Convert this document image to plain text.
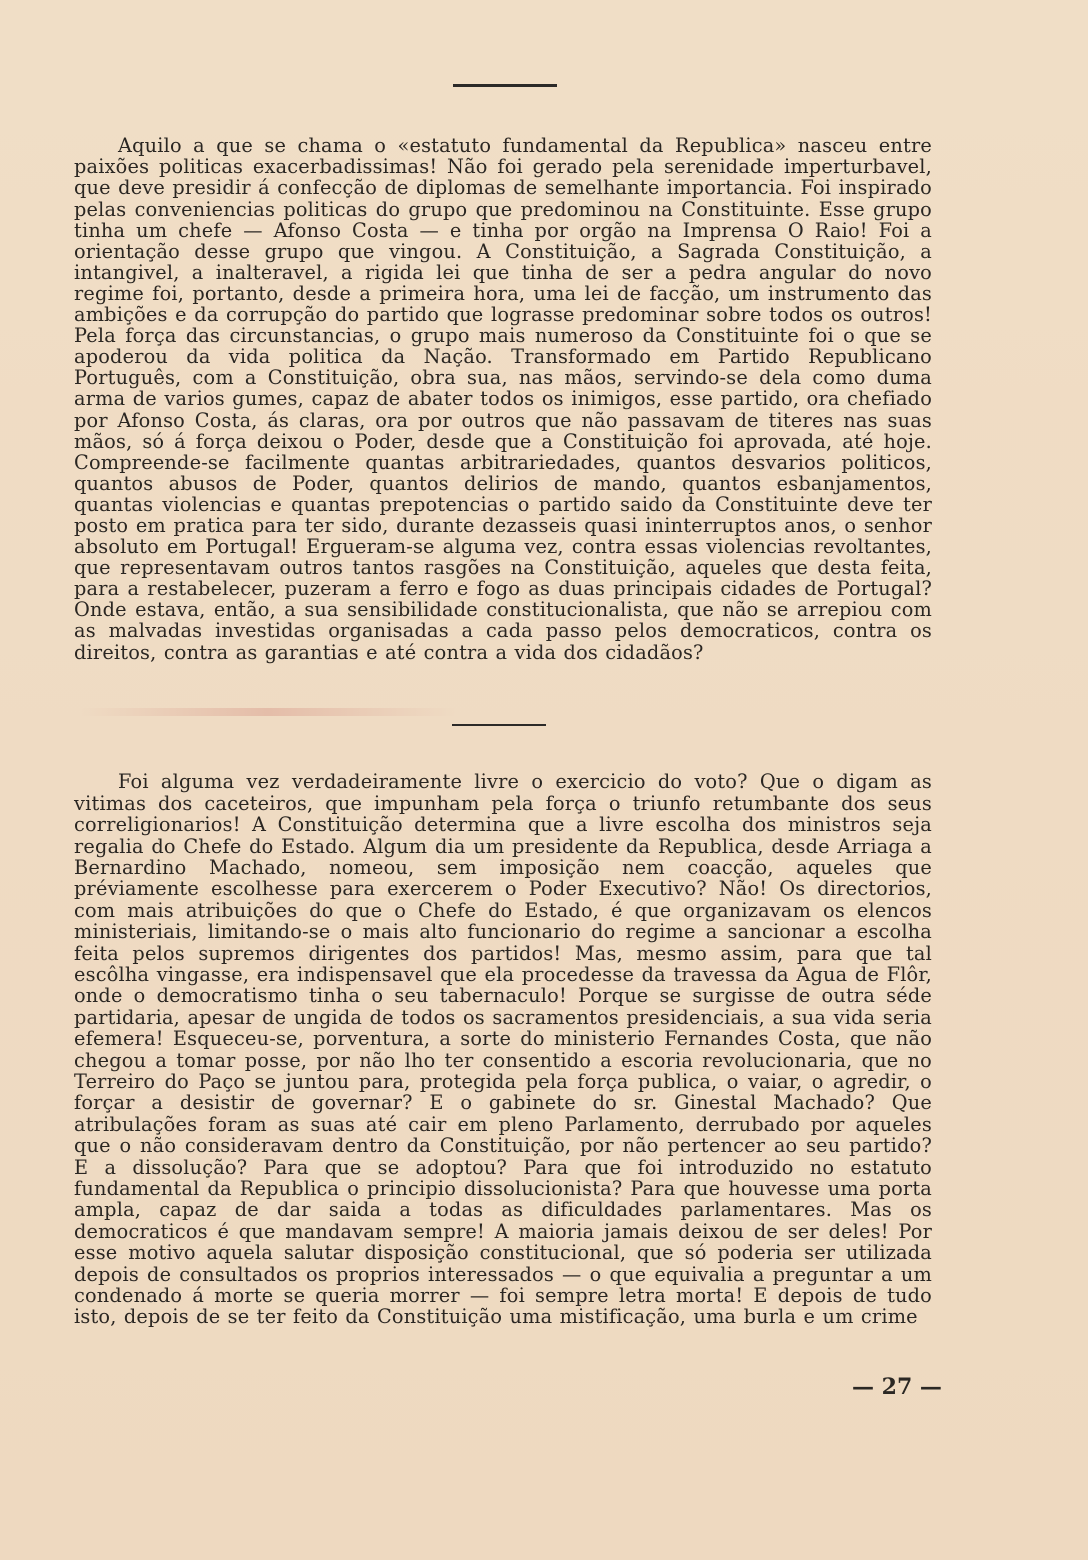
Aquilo a que se chama o «estatuto fundamental da Republica» nasceu entre paixões politicas exacerbadissimas! Não foi gerado pela serenidade imperturbavel, que deve presidir á confecção de diplomas de semelhante importancia. Foi inspirado pelas conveniencias politicas do grupo que predominou na Constituinte. Esse grupo tinha um chefe — Afonso Costa — e tinha por orgão na Imprensa O Raio! Foi a orientação desse grupo que vingou. A Constituição, a Sagrada Constituição, a intangivel, a inalteravel, a rigida lei que tinha de ser a pedra angular do novo regime foi, portanto, desde a primeira hora, uma lei de facção, um instrumento das ambições e da corrupção do partido que lograsse predominar sobre todos os outros! Pela força das circunstancias, o grupo mais numeroso da Constituinte foi o que se apoderou da vida politica da Nação. Transformado em Partido Republicano Português, com a Constituição, obra sua, nas mãos, servindo-se dela como duma arma de varios gumes, capaz de abater todos os inimigos, esse partido, ora chefiado por Afonso Costa, ás claras, ora por outros que não passavam de titeres nas suas mãos, só á força deixou o Poder, desde que a Constituição foi aprovada, até hoje. Compreende-se facilmente quantas arbitrariedades, quantos desvarios politicos, quantos abusos de Poder, quantos delirios de mando, quantos esbanjamentos, quantas violencias e quantas prepotencias o partido saido da Constituinte deve ter posto em pratica para ter sido, durante dezasseis quasi ininterruptos anos, o senhor absoluto em Portugal! Ergueram-se alguma vez, contra essas violencias revoltantes, que representavam outros tantos rasgões na Constituição, aqueles que desta feita, para a restabelecer, puzeram a ferro e fogo as duas principais cidades de Portugal? Onde estava, então, a sua sensibilidade constitucionalista, que não se arrepiou com as malvadas investidas organisadas a cada passo pelos democraticos, contra os direitos, contra as garantias e até contra a vida dos cidadãos?

Foi alguma vez verdadeiramente livre o exercicio do voto? Que o digam as vitimas dos caceteiros, que impunham pela força o triunfo retumbante dos seus correligionarios! A Constituição determina que a livre escolha dos ministros seja regalia do Chefe do Estado. Algum dia um presidente da Republica, desde Arriaga a Bernardino Machado, nomeou, sem imposição nem coacção, aqueles que préviamente escolhesse para exercerem o Poder Executivo? Não! Os directorios, com mais atribuições do que o Chefe do Estado, é que organizavam os elencos ministeriais, limitando-se o mais alto funcionario do regime a sancionar a escolha feita pelos supremos dirigentes dos partidos! Mas, mesmo assim, para que tal escôlha vingasse, era indispensavel que ela procedesse da travessa da Agua de Flôr, onde o democratismo tinha o seu tabernaculo! Porque se surgisse de outra séde partidaria, apesar de ungida de todos os sacramentos presidenciais, a sua vida seria efemera! Esqueceu-se, porventura, a sorte do ministerio Fernandes Costa, que não chegou a tomar posse, por não lho ter consentido a escoria revolucionaria, que no Terreiro do Paço se juntou para, protegida pela força publica, o vaiar, o agredir, o forçar a desistir de governar? E o gabinete do sr. Ginestal Machado? Que atribulações foram as suas até cair em pleno Parlamento, derrubado por aqueles que o não consideravam dentro da Constituição, por não pertencer ao seu partido? E a dissolução? Para que se adoptou? Para que foi introduzido no estatuto fundamental da Republica o principio dissolucionista? Para que houvesse uma porta ampla, capaz de dar saida a todas as dificuldades parlamentares. Mas os democraticos é que mandavam sempre! A maioria jamais deixou de ser deles! Por esse motivo aquela salutar disposição constitucional, que só poderia ser utilizada depois de consultados os proprios interessados — o que equivalia a preguntar a um condenado á morte se queria morrer — foi sempre letra morta! E depois de tudo isto, depois de se ter feito da Constituição uma mistificação, uma burla e um crime

— 27 —
